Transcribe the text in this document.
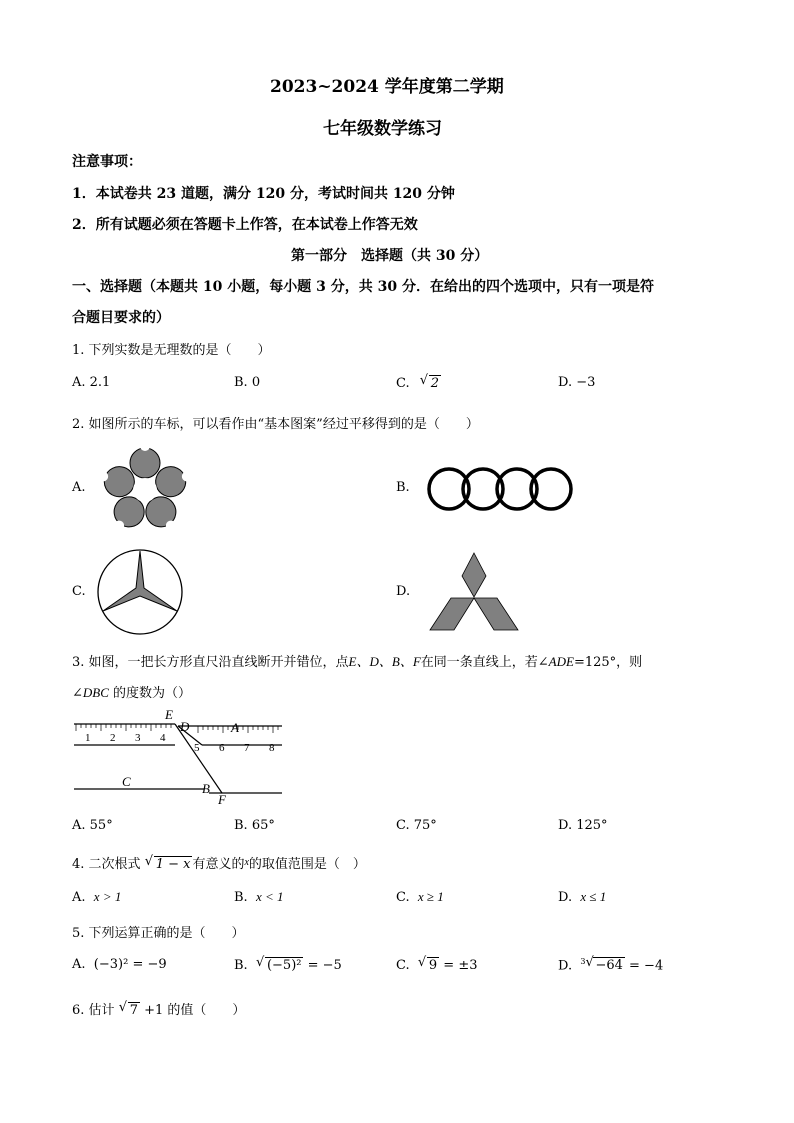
2023~2024 学年度第二学期
七年级数学练习
注意事项：
1．本试卷共 23 道题，满分 120 分，考试时间共 120 分钟
2．所有试题必须在答题卡上作答，在本试卷上作答无效
第一部分　选择题（共 30 分）
一、选择题（本题共 10 小题，每小题 3 分，共 30 分．在给出的四个选项中，只有一项是符
合题目要求的）
1. 下列实数是无理数的是（　　）
A. 2.1	B. 0	C. √ 2	D. −3
2. 如图所示的车标，可以看作由“基本图案”经过平移得到的是（　　）
A.	B.
C.	D.
3. 如图，一把长方形直尺沿直线断开并错位，点E、D、B、F在同一条直线上，若∠ADE=125°，则
∠DBC 的度数为（）
1 2 3 4
5 6 7 8
E
D	A
C	B
F
A. 55°	B. 65°	C. 75°	D. 125°
4. 二次根式 √ 1 − x 有意义的$^x$的取值范围是（　）
A. x > 1	B. x < 1	C. x ≥ 1	D. x ≤ 1
5. 下列运算正确的是（　　）
A. (−3)² = −9	B. √ (−5)² = −5	C. √ 9 = ±3	D. $^3$ √ −64 = −4
6. 估计 √ 7 +1 的值（　　）
